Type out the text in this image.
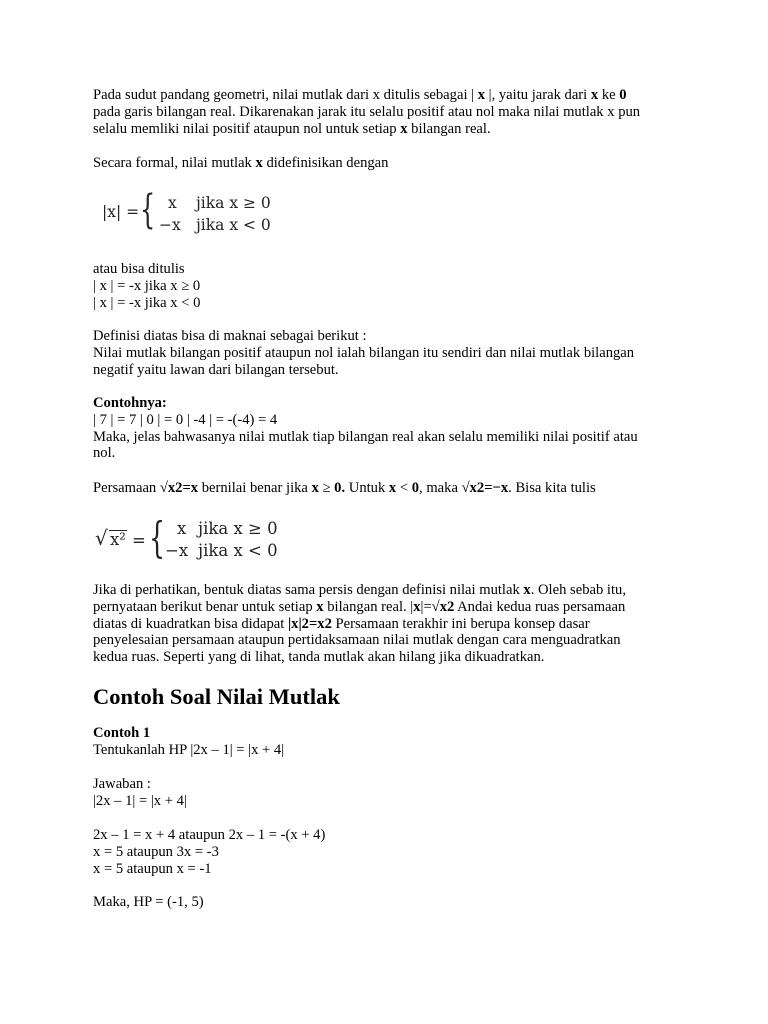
Pada sudut pandang geometri, nilai mutlak dari x ditulis sebagai | x |, yaitu jarak dari x ke 0

pada garis bilangan real. Dikarenakan jarak itu selalu positif atau nol maka nilai mutlak x pun

selalu memliki nilai positif ataupun nol untuk setiap x bilangan real.

Secara formal, nilai mutlak x didefinisikan dengan

|x| = { x jika x ≥ 0
−x jika x < 0

atau bisa ditulis

| x | = -x jika x ≥ 0

| x | = -x jika x < 0

Definisi diatas bisa di maknai sebagai berikut :

Nilai mutlak bilangan positif ataupun nol ialah bilangan itu sendiri dan nilai mutlak bilangan

negatif yaitu lawan dari bilangan tersebut.

Contohnya:

| 7 | = 7 | 0 | = 0 | -4 | = -(-4) = 4

Maka, jelas bahwasanya nilai mutlak tiap bilangan real akan selalu memiliki nilai positif atau

nol.

Persamaan √x2=x bernilai benar jika x ≥ 0. Untuk x < 0, maka √x2=−x. Bisa kita tulis

√ x² = { x jika x ≥ 0
−x jika x < 0

Jika di perhatikan, bentuk diatas sama persis dengan definisi nilai mutlak x. Oleh sebab itu,

pernyataan berikut benar untuk setiap x bilangan real. |x|=√x2 Andai kedua ruas persamaan

diatas di kuadratkan bisa didapat |x|2=x2 Persamaan terakhir ini berupa konsep dasar

penyelesaian persamaan ataupun pertidaksamaan nilai mutlak dengan cara menguadratkan

kedua ruas. Seperti yang di lihat, tanda mutlak akan hilang jika dikuadratkan.

Contoh Soal Nilai Mutlak

Contoh 1

Tentukanlah HP |2x – 1| = |x + 4|

Jawaban :

|2x – 1| = |x + 4|

2x – 1 = x + 4 ataupun 2x – 1 = -(x + 4)

x = 5 ataupun 3x = -3

x = 5 ataupun x = -1

Maka, HP = (-1, 5)
